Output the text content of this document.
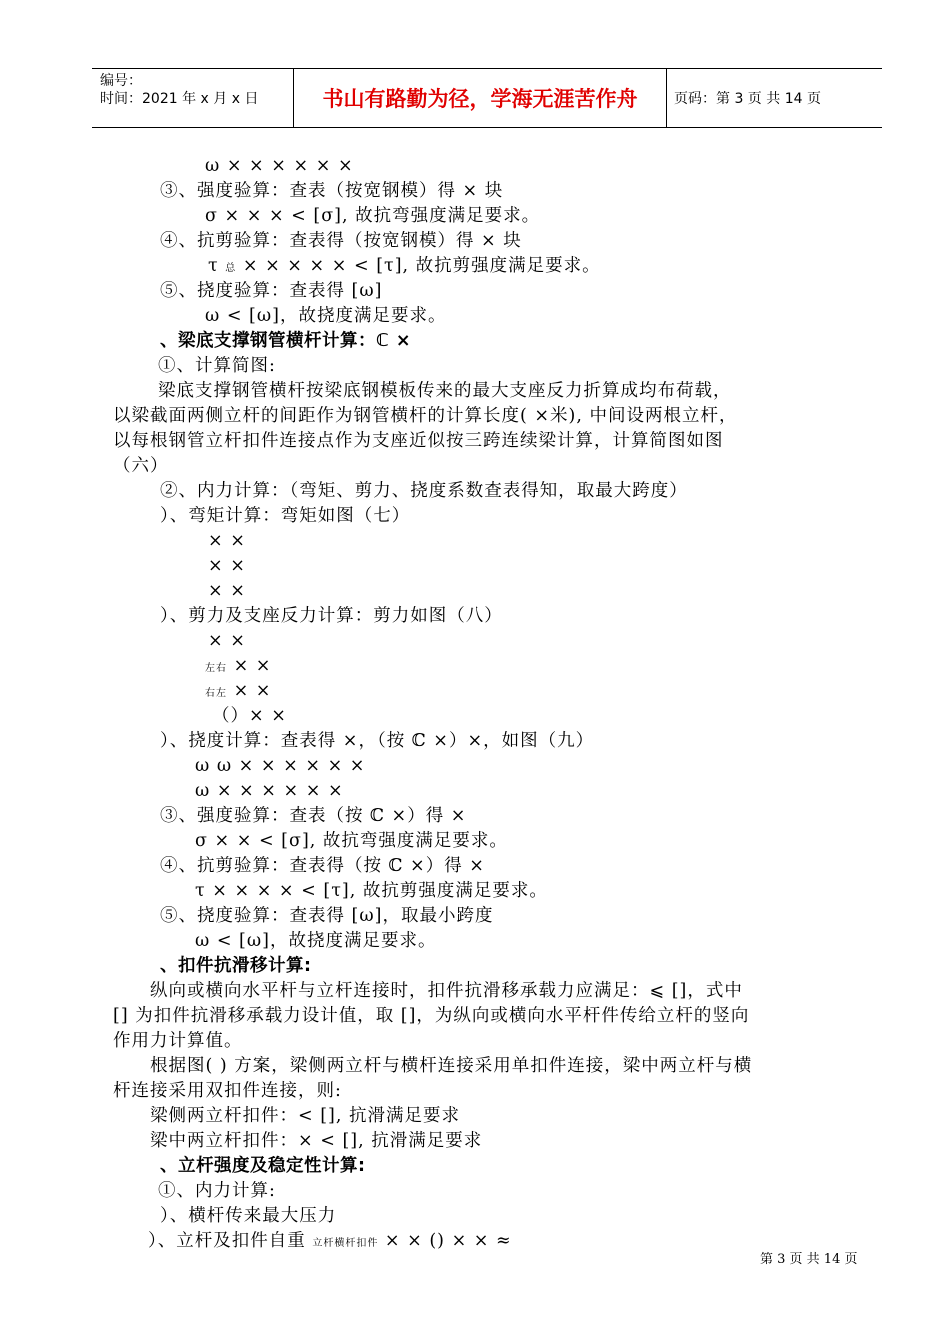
编号：
时间：2021 年 x 月 x 日	书山有路勤为径，学海无涯苦作舟	页码：第 3 页 共 14 页
ω × × × × × ×
③、强度验算：查表（按宽钢模）得 × 块
σ × × × < [σ], 故抗弯强度满足要求。
④、抗剪验算：查表得（按宽钢模）得 × 块
τ 总 × × × × × < [τ], 故抗剪强度满足要求。
⑤、挠度验算：查表得 [ω]
ω < [ω]，故挠度满足要求。
、梁底支撑钢管横杆计算：ℂ ×
①、计算简图:
梁底支撑钢管横杆按梁底钢模板传来的最大支座反力折算成均布荷载，
以梁截面两侧立杆的间距作为钢管横杆的计算长度( ×米), 中间设两根立杆，
以每根钢管立杆扣件连接点作为支座近似按三跨连续梁计算，计算简图如图
（六）
②、内力计算：（弯矩、剪力、挠度系数查表得知，取最大跨度）
）、弯矩计算：弯矩如图（七）
× ×
× ×
× ×
）、剪力及支座反力计算：剪力如图（八）
× ×
左右 × ×
右左 × ×
（）× ×
）、挠度计算：查表得 ×，（按 ℂ ×）×，如图（九）
ω ω × × × × × ×
ω × × × × × ×
③、强度验算：查表（按 ℂ ×）得 ×
σ × × < [σ], 故抗弯强度满足要求。
④、抗剪验算：查表得（按 ℂ ×）得 ×
τ × × × × < [τ], 故抗剪强度满足要求。
⑤、挠度验算：查表得 [ω]，取最小跨度
ω < [ω]，故挠度满足要求。
、扣件抗滑移计算:
纵向或横向水平杆与立杆连接时，扣件抗滑移承载力应满足：⩽ []，式中
[] 为扣件抗滑移承载力设计值，取 []，为纵向或横向水平杆件传给立杆的竖向
作用力计算值。
根据图( ) 方案，梁侧两立杆与横杆连接采用单扣件连接，梁中两立杆与横
杆连接采用双扣件连接，则:
梁侧两立杆扣件：< [], 抗滑满足要求
梁中两立杆扣件：× < [], 抗滑满足要求
、立杆强度及稳定性计算:
①、内力计算:
）、横杆传来最大压力
）、立杆及扣件自重 立杆横杆扣件 × × () × × ≈
第 3 页 共 14 页
